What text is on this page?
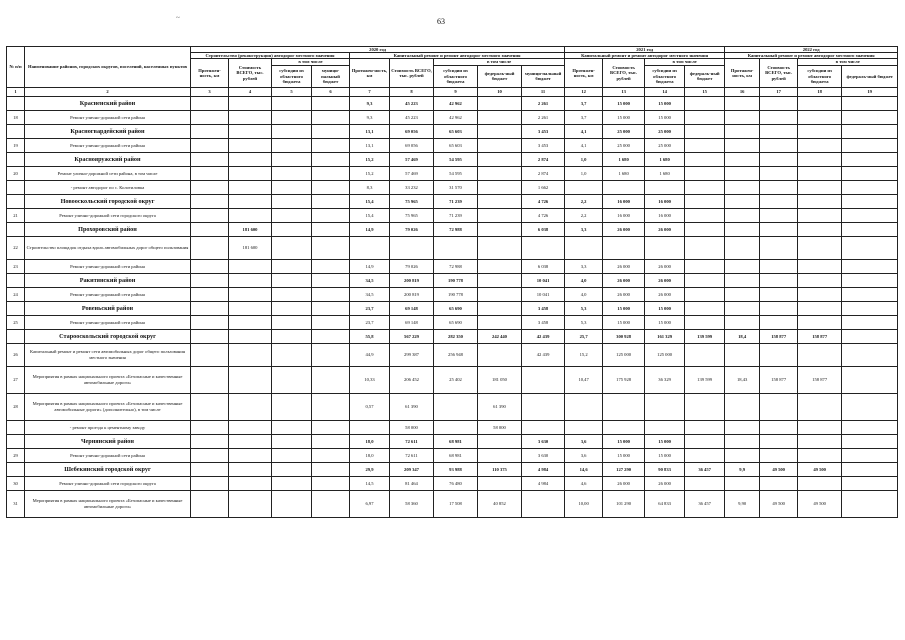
~	63
№ п/п	Наименование районов, городских округов, поселений, населенных пунктов	2020 год									2021 год				2022 год			
		Строительство (реконструкция) автодорог местного значения				Капитальный ремонт и ремонт автодорог местного значения					Капитальный ремонт и ремонт автодорог местного значения				Капитальный ремонт и ремонт автодорог местного значения			
		Протяжен-ность, км	Стоимость ВСЕГО, тыс. рублей	в том числе		Протяжен-ность, км	Стоимость ВСЕГО, тыс. рублей	в том числе			Протяжен-ность, км	Стоимость ВСЕГО, тыс. рублей	в том числе		Протяжен-ность, км	Стоимость ВСЕГО, тыс. рублей	в том числе	
				субсидии из областного бюджета	муници-пальный бюджет			субсидии из областного бюджета	федераль-ный бюджет	муници-пальный бюджет			субсидии из областного бюджета	федераль-ный бюджет			субсидии из областного бюджета	федераль-ный бюджет
1	2	3	4	5	6	7	8	9	10	11	12	13	14	15	16	17	18	19
	Красненский район					9,3	45 223	42 962		2 261	3,7	15 000	15 000					
18	Ремонт улично-дорожной сети района					9,3	45 223	42 962		2 261	3,7	15 000	15 000					
	Красногвардейский район					13,1	69 056	65 603		3 453	4,1	25 000	25 000					
19	Ремонт улично-дорожной сети района					13,1	69 056	65 603		3 453	4,1	25 000	25 000					
	Краснояружский район					15,2	57 469	54 595		2 874	1,0	1 680	1 680					
20	Ремонт улично-дорожной сети района, в том числе					15,2	57 469	54 595		2 874	1,0	1 680	1 680					
	- ремонт автодорог по с. Колотиловка					8,3	33 232	31 570		1 662								
	Новооскольский городской округ					15,4	75 965	71 239		4 726	2,2	16 000	16 000					
21	Ремонт улично-дорожной сети городского округа					15,4	75 965	71 239		4 726	2,2	16 000	16 000					
	Прохоровский район		181 600			14,9	79 026	72 988		6 038	3,3	26 000	26 000					
22	Строительство площадок отдыха вдоль автомобильных дорог общего пользования		181 600															
23	Ремонт улично-дорожной сети района					14,9	79 026	72 988		6 038	3,3	26 000	26 000					
	Ракитянский район					34,5	200 819	190 778		10 041	4,0	26 000	26 000					
24	Ремонт улично-дорожной сети района					34,5	200 819	190 778		10 041	4,0	26 000	26 000					
	Ровеньский район					23,7	69 148	65 690		3 458	5,3	15 000	15 000					
25	Ремонт улично-дорожной сети района					23,7	69 148	65 690		3 458	5,3	15 000	15 000					
	Старооскольский городской округ					55,8	567 229	282 350	242 440	42 439	25,7	300 928	161 329	139 599	18,4	158 877	158 877	
26	Капитальный ремонт и ремонт сети автомобильных дорог общего пользования местного значения					44,9	299 387	256 948		42 439	15,2	125 000	125 000					
27	Мероприятия в рамках национального проекта «Безопасные и качественные автомобильные дороги»					10,33	206 452	25 402	181 050		10,47	175 928	36 329	139 599	18,43	158 877	158 877	
28	Мероприятия в рамках национального проекта «Безопасные и качественные автомобильные дороги» (дополнительно), в том числе					0,57	61 390		61 390									
	- ремонт проезда к цементному заводу						58 000		58 000									
	Чернянский район					18,0	72 611	68 981		3 630	3,6	15 000	15 000					
29	Ремонт улично-дорожной сети района					18,0	72 611	68 981		3 630	3,6	15 000	15 000					
	Шебекинский городской округ					29,9	209 347	93 988	110 375	4 984	14,6	127 290	90 833	36 457	9,9	49 500	49 500	
30	Ремонт улично-дорожной сети городского округа					14,5	81 464	76 480		4 984	4,6	26 000	26 000					
31	Мероприятия в рамках национального проекта «Безопасные и качественные автомобильные дороги»					6,97	58 360	17 508	40 852		10,00	101 290	64 833	36 457	9,90	49 500	49 500	
